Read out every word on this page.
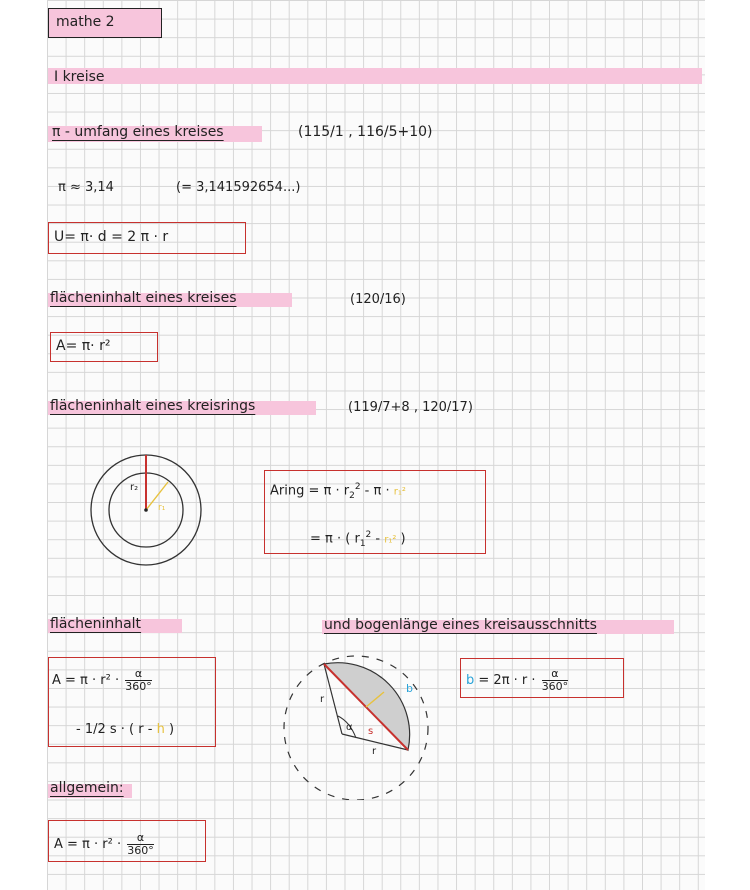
mathe 2
I kreise
π - umfang eines kreises	(115/1 , 116/5+10)
π ≈ 3,14	(= 3,141592654...)
U= π· d = 2 π · r
flächeninhalt eines kreises	(120/16)
A= π· r²
flächeninhalt eines kreisrings	(119/7+8 , 120/17)
r₂
r₁
Aring = $\pi \cdot r_2^2 - \pi \cdot r_1^2$
= π · ( $r_1^2 - r_1^2$ )
flächeninhalt	und bogenlänge eines kreisausschnitts
$A = \pi \cdot r^2 \cdot \frac{\alpha}{360^\circ}$
- 1/2 s · ( r - h )
b
r
r
s
α
$b = 2\pi \cdot r \cdot \frac{\alpha}{360^\circ}$
allgemein:
$A = \pi \cdot r^2 \cdot \frac{\alpha}{360^\circ}$
